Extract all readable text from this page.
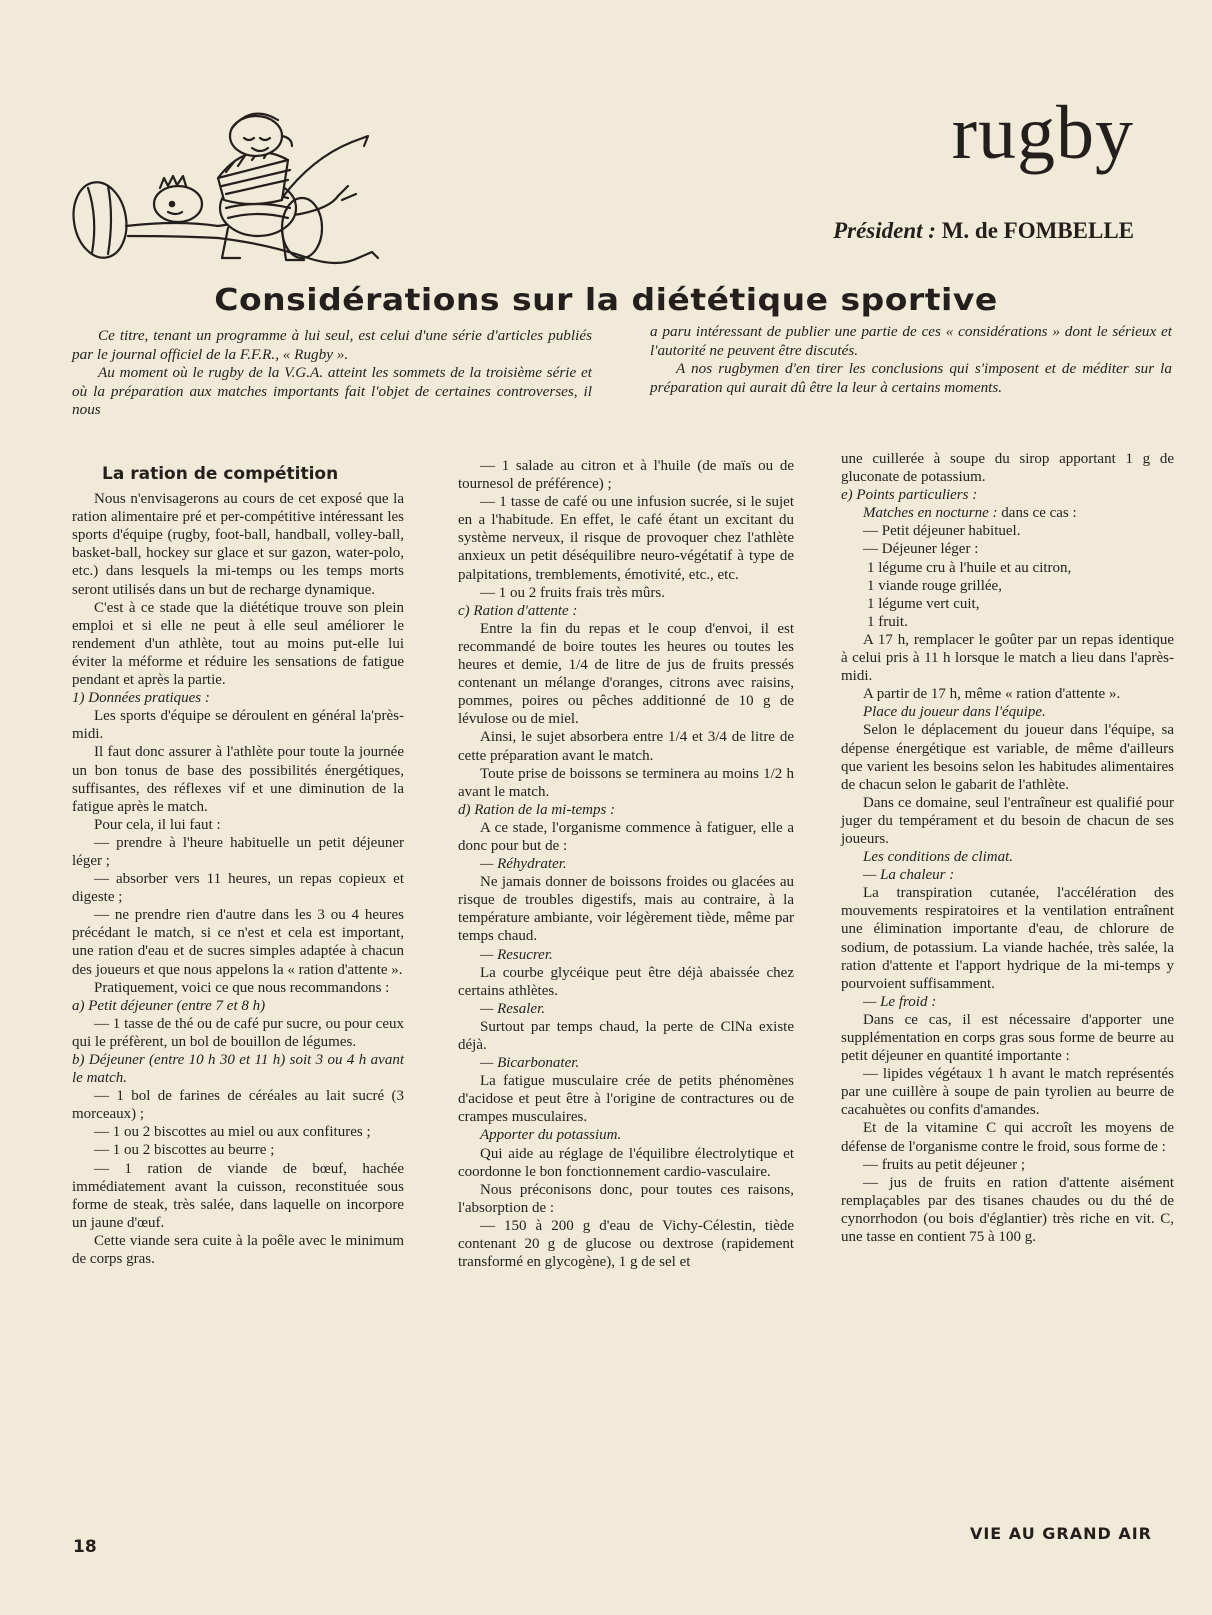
rugby
Président : M. de FOMBELLE
Considérations sur la diététique sportive

Ce titre, tenant un programme à lui seul, est celui d'une série d'articles publiés par le journal officiel de la F.F.R., « Rugby ».

Au moment où le rugby de la V.G.A. atteint les sommets de la troisième série et où la préparation aux matches importants fait l'objet de certaines controverses, il nous

a paru intéressant de publier une partie de ces « considérations » dont le sérieux et l'autorité ne peuvent être discutés.

A nos rugbymen d'en tirer les conclusions qui s'imposent et de méditer sur la préparation qui aurait dû être la leur à certains moments.

La ration de compétition

Nous n'envisagerons au cours de cet exposé que la ration alimentaire pré et per-compétitive intéressant les sports d'équipe (rugby, foot-ball, handball, volley-ball, basket-ball, hockey sur glace et sur gazon, water-polo, etc.) dans lesquels la mi-temps ou les temps morts seront utilisés dans un but de recharge dynamique.

C'est à ce stade que la diététique trouve son plein emploi et si elle ne peut à elle seul améliorer le rendement d'un athlète, tout au moins put-elle lui éviter la méforme et réduire les sensations de fatigue pendant et après la partie.

1) Données pratiques :

Les sports d'équipe se déroulent en général la'près-midi.

Il faut donc assurer à l'athlète pour toute la journée un bon tonus de base des possibilités énergétiques, suffisantes, des réflexes vif et une diminution de la fatigue après le match.

Pour cela, il lui faut :

— prendre à l'heure habituelle un petit déjeuner léger ;

— absorber vers 11 heures, un repas copieux et digeste ;

— ne prendre rien d'autre dans les 3 ou 4 heures précédant le match, si ce n'est et cela est important, une ration d'eau et de sucres simples adaptée à chacun des joueurs et que nous appelons la « ration d'attente ».

Pratiquement, voici ce que nous recommandons :

a) Petit déjeuner (entre 7 et 8 h)

— 1 tasse de thé ou de café pur sucre, ou pour ceux qui le préfèrent, un bol de bouillon de légumes.

b) Déjeuner (entre 10 h 30 et 11 h) soit 3 ou 4 h avant le match.

— 1 bol de farines de céréales au lait sucré (3 morceaux) ;

— 1 ou 2 biscottes au miel ou aux confitures ;

— 1 ou 2 biscottes au beurre ;

— 1 ration de viande de bœuf, hachée immédiatement avant la cuisson, reconstituée sous forme de steak, très salée, dans laquelle on incorpore un jaune d'œuf.

Cette viande sera cuite à la poêle avec le minimum de corps gras.

— 1 salade au citron et à l'huile (de maïs ou de tournesol de préférence) ;

— 1 tasse de café ou une infusion sucrée, si le sujet en a l'habitude. En effet, le café étant un excitant du système nerveux, il risque de provoquer chez l'athlète anxieux un petit déséquilibre neuro-végétatif à type de palpitations, tremblements, émotivité, etc., etc.

— 1 ou 2 fruits frais très mûrs.

c) Ration d'attente :

Entre la fin du repas et le coup d'envoi, il est recommandé de boire toutes les heures ou toutes les heures et demie, 1/4 de litre de jus de fruits pressés contenant un mélange d'oranges, citrons avec raisins, pommes, poires ou pêches additionné de 10 g de lévulose ou de miel.

Ainsi, le sujet absorbera entre 1/4 et 3/4 de litre de cette préparation avant le match.

Toute prise de boissons se terminera au moins 1/2 h avant le match.

d) Ration de la mi-temps :

A ce stade, l'organisme commence à fatiguer, elle a donc pour but de :

— Réhydrater.

Ne jamais donner de boissons froides ou glacées au risque de troubles digestifs, mais au contraire, à la température ambiante, voir légèrement tiède, même par temps chaud.

— Resucrer.

La courbe glycéique peut être déjà abaissée chez certains athlètes.

— Resaler.

Surtout par temps chaud, la perte de ClNa existe déjà.

— Bicarbonater.

La fatigue musculaire crée de petits phénomènes d'acidose et peut être à l'origine de contractures ou de crampes musculaires.

Apporter du potassium.

Qui aide au réglage de l'équilibre électrolytique et coordonne le bon fonctionnement cardio-vasculaire.

Nous préconisons donc, pour toutes ces raisons, l'absorption de :

— 150 à 200 g d'eau de Vichy-Célestin, tiède contenant 20 g de glucose ou dextrose (rapidement transformé en glycogène), 1 g de sel et

une cuillerée à soupe du sirop apportant 1 g de gluconate de potassium.

e) Points particuliers :

Matches en nocturne : dans ce cas :

— Petit déjeuner habituel.

— Déjeuner léger :

1 légume cru à l'huile et au citron,

1 viande rouge grillée,

1 légume vert cuit,

1 fruit.

A 17 h, remplacer le goûter par un repas identique à celui pris à 11 h lorsque le match a lieu dans l'après-midi.

A partir de 17 h, même « ration d'attente ».

Place du joueur dans l'équipe.

Selon le déplacement du joueur dans l'équipe, sa dépense énergétique est variable, de même d'ailleurs que varient les besoins selon les habitudes alimentaires de chacun selon le gabarit de l'athlète.

Dans ce domaine, seul l'entraîneur est qualifié pour juger du tempérament et du besoin de chacun de ses joueurs.

Les conditions de climat.

— La chaleur :

La transpiration cutanée, l'accélération des mouvements respiratoires et la ventilation entraînent une élimination importante d'eau, de chlorure de sodium, de potassium. La viande hachée, très salée, la ration d'attente et l'apport hydrique de la mi-temps y pourvoient suffisamment.

— Le froid :

Dans ce cas, il est nécessaire d'apporter une supplémentation en corps gras sous forme de beurre au petit déjeuner en quantité importante :

— lipides végétaux 1 h avant le match représentés par une cuillère à soupe de pain tyrolien au beurre de cacahuètes ou confits d'amandes.

Et de la vitamine C qui accroît les moyens de défense de l'organisme contre le froid, sous forme de :

— fruits au petit déjeuner ;

— jus de fruits en ration d'attente aisément remplaçables par des tisanes chaudes ou du thé de cynorrhodon (ou bois d'églantier) très riche en vit. C, une tasse en contient 75 à 100 g.

18
VIE AU GRAND AIR
